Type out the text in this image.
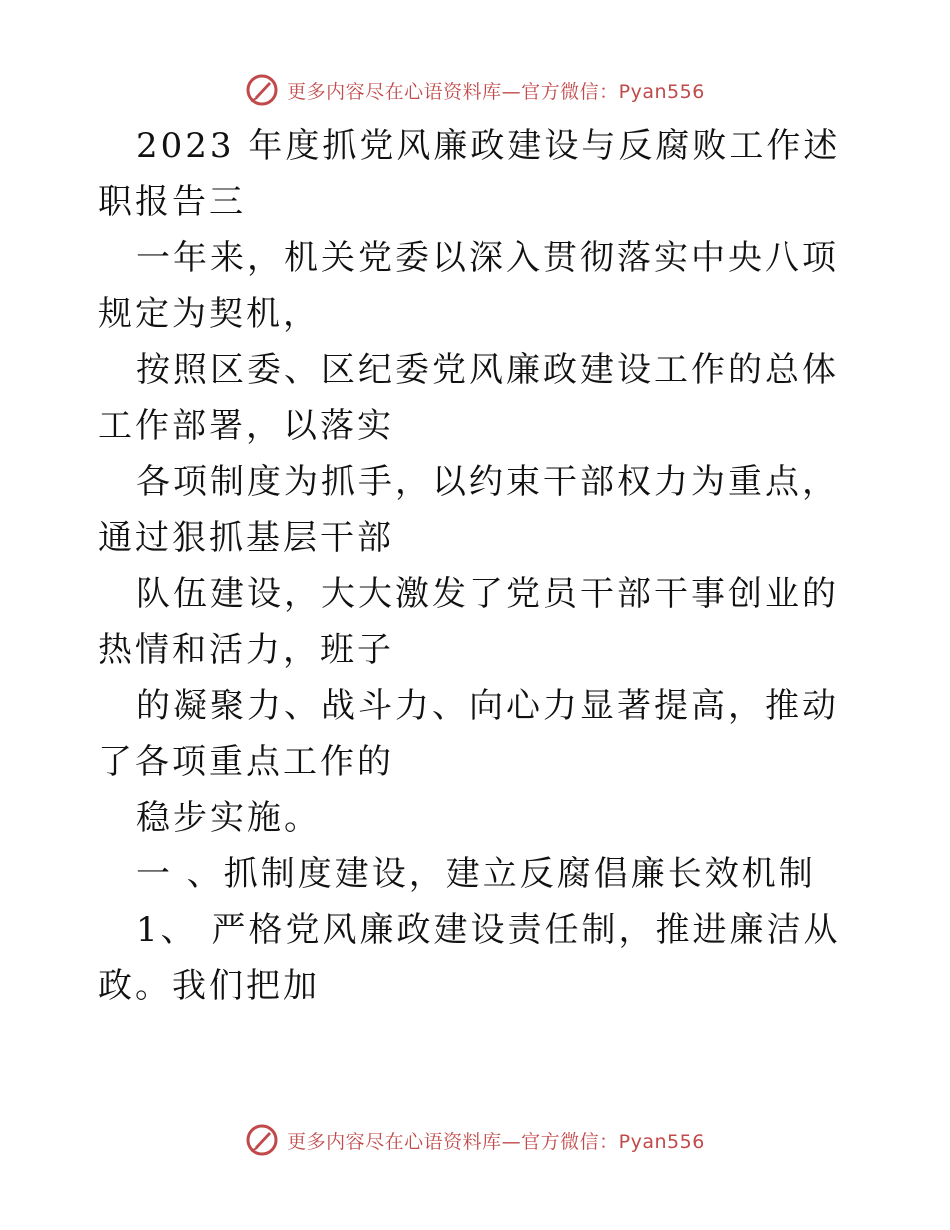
更多内容尽在心语资料库—官方微信：Pyan556

2023 年度抓党风廉政建设与反腐败工作述职报告三

一年来，机关党委以深入贯彻落实中央八项规定为契机，

按照区委、区纪委党风廉政建设工作的总体工作部署，以落实

各项制度为抓手，以约束干部权力为重点，通过狠抓基层干部

队伍建设，大大激发了党员干部干事创业的热情和活力，班子

的凝聚力、战斗力、向心力显著提高，推动了各项重点工作的

稳步实施。

一 、抓制度建设，建立反腐倡廉长效机制

1、 严格党风廉政建设责任制，推进廉洁从政。我们把加

更多内容尽在心语资料库—官方微信：Pyan556
